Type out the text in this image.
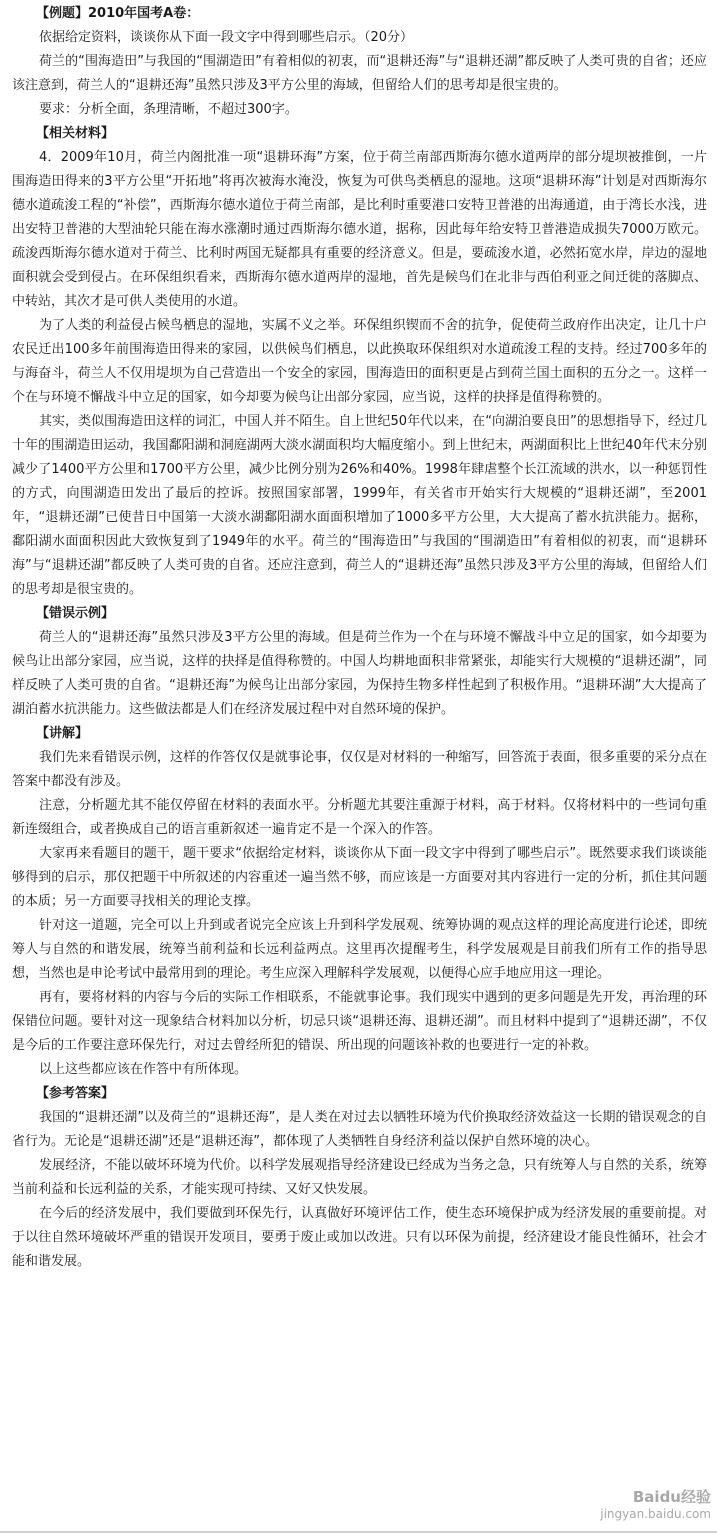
【例题】2010年国考A卷：

依据给定资料，谈谈你从下面一段文字中得到哪些启示。（20分）

荷兰的“围海造田”与我国的“围湖造田”有着相似的初衷，而“退耕还海”与“退耕还湖”都反映了人类可贵的自省；还应该注意到，荷兰人的“退耕还海”虽然只涉及3平方公里的海域，但留给人们的思考却是很宝贵的。

要求：分析全面，条理清晰，不超过300字。

【相关材料】

4．2009年10月，荷兰内阁批准一项“退耕环海”方案，位于荷兰南部西斯海尔德水道两岸的部分堤坝被推倒，一片围海造田得来的3平方公里“开拓地”将再次被海水淹没，恢复为可供鸟类栖息的湿地。这项“退耕环海”计划是对西斯海尔德水道疏浚工程的“补偿”，西斯海尔德水道位于荷兰南部，是比利时重要港口安特卫普港的出海通道，由于湾长水浅，进出安特卫普港的大型油轮只能在海水涨潮时通过西斯海尔德水道，据称，因此每年给安特卫普港造成损失7000万欧元。疏浚西斯海尔德水道对于荷兰、比利时两国无疑都具有重要的经济意义。但是，要疏浚水道，必然拓宽水岸，岸边的湿地面积就会受到侵占。在环保组织看来，西斯海尔德水道两岸的湿地，首先是候鸟们在北非与西伯利亚之间迁徙的落脚点、中转站，其次才是可供人类使用的水道。

为了人类的利益侵占候鸟栖息的湿地，实属不义之举。环保组织锲而不舍的抗争，促使荷兰政府作出决定，让几十户农民迁出100多年前围海造田得来的家园，以供候鸟们栖息，以此换取环保组织对水道疏浚工程的支持。经过700多年的与海奋斗，荷兰人不仅用堤坝为自己营造出一个安全的家园，围海造田的面积更是占到荷兰国土面积的五分之一。这样一个在与环境不懈战斗中立足的国家，如今却要为候鸟让出部分家园，应当说，这样的抉择是值得称赞的。

其实，类似围海造田这样的词汇，中国人并不陌生。自上世纪50年代以来，在“向湖泊要良田”的思想指导下，经过几十年的围湖造田运动，我国鄱阳湖和洞庭湖两大淡水湖面积均大幅度缩小。到上世纪末，两湖面积比上世纪40年代末分别减少了1400平方公里和1700平方公里，减少比例分别为26%和40%。1998年肆虐整个长江流域的洪水，以一种惩罚性的方式，向围湖造田发出了最后的控诉。按照国家部署，1999年，有关省市开始实行大规模的“退耕还湖”，至2001年，“退耕还湖”已使昔日中国第一大淡水湖鄱阳湖水面面积增加了1000多平方公里，大大提高了蓄水抗洪能力。据称，鄱阳湖水面面积因此大致恢复到了1949年的水平。荷兰的“围海造田”与我国的“围湖造田”有着相似的初衷，而“退耕环海”与“退耕还湖”都反映了人类可贵的自省。还应注意到，荷兰人的“退耕还海”虽然只涉及3平方公里的海域，但留给人们的思考却是很宝贵的。

【错误示例】

荷兰人的“退耕还海”虽然只涉及3平方公里的海域。但是荷兰作为一个在与环境不懈战斗中立足的国家，如今却要为候鸟让出部分家园，应当说，这样的抉择是值得称赞的。中国人均耕地面积非常紧张，却能实行大规模的“退耕还湖”，同样反映了人类可贵的自省。“退耕还海”为候鸟让出部分家园，为保持生物多样性起到了积极作用。“退耕环湖”大大提高了湖泊蓄水抗洪能力。这些做法都是人们在经济发展过程中对自然环境的保护。

【讲解】

我们先来看错误示例，这样的作答仅仅是就事论事，仅仅是对材料的一种缩写，回答流于表面，很多重要的采分点在答案中都没有涉及。

注意，分析题尤其不能仅停留在材料的表面水平。分析题尤其要注重源于材料，高于材料。仅将材料中的一些词句重新连缀组合，或者换成自己的语言重新叙述一遍肯定不是一个深入的作答。

大家再来看题目的题干，题干要求“依据给定材料，谈谈你从下面一段文字中得到了哪些启示”。既然要求我们谈谈能够得到的启示，那仅把题干中所叙述的内容重述一遍当然不够，而应该是一方面要对其内容进行一定的分析，抓住其问题的本质；另一方面要寻找相关的理论支撑。

针对这一道题，完全可以上升到或者说完全应该上升到科学发展观、统筹协调的观点这样的理论高度进行论述，即统筹人与自然的和谐发展，统筹当前利益和长远利益两点。这里再次提醒考生，科学发展观是目前我们所有工作的指导思想，当然也是申论考试中最常用到的理论。考生应深入理解科学发展观，以便得心应手地应用这一理论。

再有，要将材料的内容与今后的实际工作相联系，不能就事论事。我们现实中遇到的更多问题是先开发，再治理的环保错位问题。要针对这一现象结合材料加以分析，切忌只谈“退耕还海、退耕还湖”。而且材料中提到了“退耕还湖”，不仅是今后的工作要注意环保先行，对过去曾经所犯的错误、所出现的问题该补救的也要进行一定的补救。

以上这些都应该在作答中有所体现。

【参考答案】

我国的“退耕还湖”以及荷兰的“退耕还海”，是人类在对过去以牺牲环境为代价换取经济效益这一长期的错误观念的自省行为。无论是“退耕还湖”还是“退耕还海”，都体现了人类牺牲自身经济利益以保护自然环境的决心。

发展经济，不能以破坏环境为代价。以科学发展观指导经济建设已经成为当务之急，只有统筹人与自然的关系，统筹当前利益和长远利益的关系，才能实现可持续、又好又快发展。

在今后的经济发展中，我们要做到环保先行，认真做好环境评估工作，使生态环境保护成为经济发展的重要前提。对于以往自然环境破坏严重的错误开发项目，要勇于废止或加以改进。只有以环保为前提，经济建设才能良性循环，社会才能和谐发展。

Baidu经验
jingyan.baidu.com
